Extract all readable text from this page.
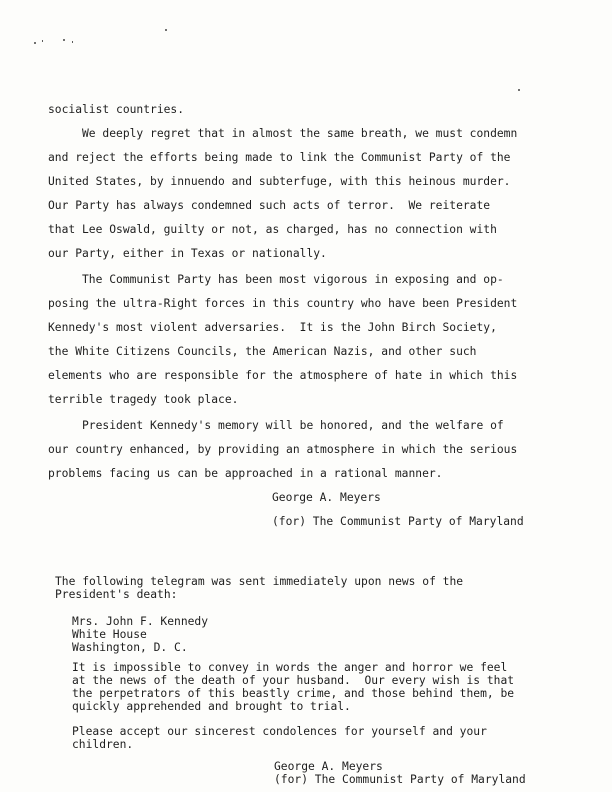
socialist countries.
We deeply regret that in almost the same breath, we must condemn
and reject the efforts being made to link the Communist Party of the
United States, by innuendo and subterfuge, with this heinous murder.
Our Party has always condemned such acts of terror.  We reiterate
that Lee Oswald, guilty or not, as charged, has no connection with
our Party, either in Texas or nationally.
The Communist Party has been most vigorous in exposing and op-
posing the ultra-Right forces in this country who have been President
Kennedy's most violent adversaries.  It is the John Birch Society,
the White Citizens Councils, the American Nazis, and other such
elements who are responsible for the atmosphere of hate in which this
terrible tragedy took place.
President Kennedy's memory will be honored, and the welfare of
our country enhanced, by providing an atmosphere in which the serious
problems facing us can be approached in a rational manner.
George A. Meyers
(for) The Communist Party of Maryland
The following telegram was sent immediately upon news of the
President's death:
Mrs. John F. Kennedy
White House
Washington, D. C.
It is impossible to convey in words the anger and horror we feel
at the news of the death of your husband.  Our every wish is that
the perpetrators of this beastly crime, and those behind them, be
quickly apprehended and brought to trial.
Please accept our sincerest condolences for yourself and your
children.
George A. Meyers
(for) The Communist Party of Maryland
